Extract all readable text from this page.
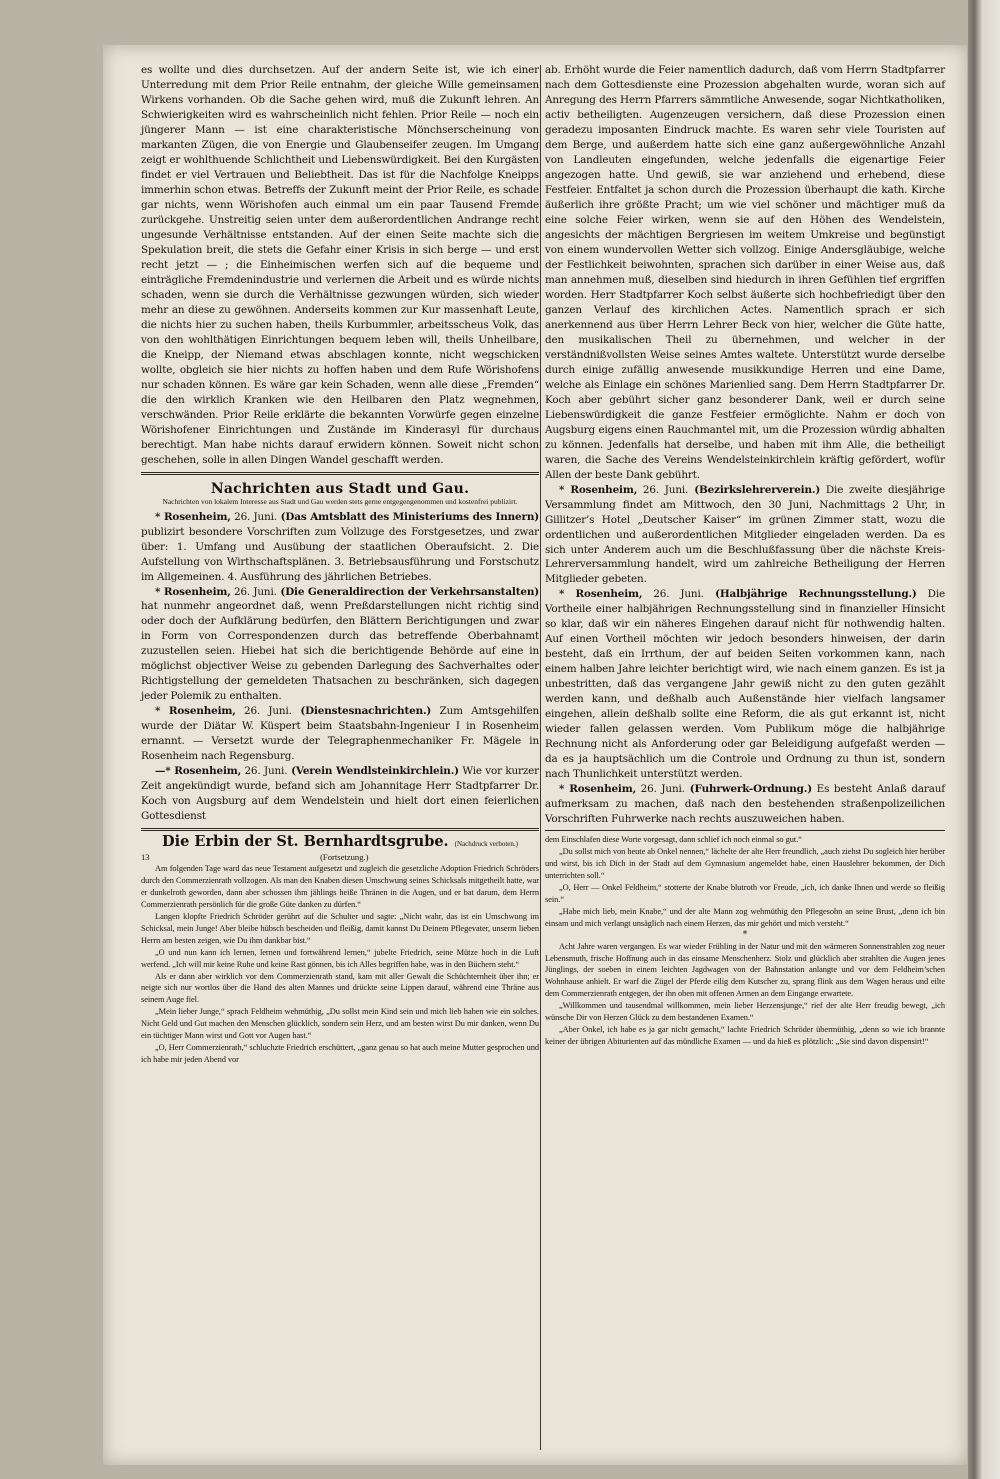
es wollte und dies durchsetzen. Auf der andern Seite ist, wie ich einer Unterredung mit dem Prior Reile entnahm, der gleiche Wille gemeinsamen Wirkens vorhanden. Ob die Sache gehen wird, muß die Zukunft lehren. An Schwierigkeiten wird es wahrscheinlich nicht fehlen. Prior Reile — noch ein jüngerer Mann — ist eine charakteristische Mönchserscheinung von markanten Zügen, die von Energie und Glaubenseifer zeugen. Im Umgang zeigt er wohlthuende Schlichtheit und Liebenswürdigkeit. Bei den Kurgästen findet er viel Vertrauen und Beliebtheit. Das ist für die Nachfolge Kneipps immerhin schon etwas. Betreffs der Zukunft meint der Prior Reile, es schade gar nichts, wenn Wörishofen auch einmal um ein paar Tausend Fremde zurückgehe. Unstreitig seien unter dem außerordentlichen Andrange recht ungesunde Verhältnisse entstanden. Auf der einen Seite machte sich die Spekulation breit, die stets die Gefahr einer Krisis in sich berge — und erst recht jetzt — ; die Einheimischen werfen sich auf die bequeme und einträgliche Fremdenindustrie und verlernen die Arbeit und es würde nichts schaden, wenn sie durch die Verhältnisse gezwungen würden, sich wieder mehr an diese zu gewöhnen. Anderseits kommen zur Kur massenhaft Leute, die nichts hier zu suchen haben, theils Kurbummler, arbeitsscheus Volk, das von den wohlthätigen Einrichtungen bequem leben will, theils Unheilbare, die Kneipp, der Niemand etwas abschlagen konnte, nicht wegschicken wollte, obgleich sie hier nichts zu hoffen haben und dem Rufe Wörishofens nur schaden können. Es wäre gar kein Schaden, wenn alle diese „Fremden“ die den wirklich Kranken wie den Heilbaren den Platz wegnehmen, verschwänden. Prior Reile erklärte die bekannten Vorwürfe gegen einzelne Wörishofener Einrichtungen und Zustände im Kinderasyl für durchaus berechtigt. Man habe nichts darauf erwidern können. Soweit nicht schon geschehen, solle in allen Dingen Wandel geschafft werden.

Nachrichten aus Stadt und Gau.
Nachrichten von lokalem Interesse aus Stadt und Gau werden stets gerne entgegengenommen und kostenfrei publizirt.

* Rosenheim, 26. Juni. (Das Amtsblatt des Ministeriums des Innern) publizirt besondere Vorschriften zum Vollzuge des Forstgesetzes, und zwar über: 1. Umfang und Ausübung der staatlichen Oberaufsicht. 2. Die Aufstellung von Wirthschaftsplänen. 3. Betriebsausführung und Forstschutz im Allgemeinen. 4. Ausführung des jährlichen Betriebes.

* Rosenheim, 26. Juni. (Die Generaldirection der Verkehrsanstalten) hat nunmehr angeordnet daß, wenn Preßdarstellungen nicht richtig sind oder doch der Aufklärung bedürfen, den Blättern Berichtigungen und zwar in Form von Correspondenzen durch das betreffende Oberbahnamt zuzustellen seien. Hiebei hat sich die berichtigende Behörde auf eine in möglichst objectiver Weise zu gebenden Darlegung des Sachverhaltes oder Richtigstellung der gemeldeten Thatsachen zu beschränken, sich dagegen jeder Polemik zu enthalten.

* Rosenheim, 26. Juni. (Dienstesnachrichten.) Zum Amtsgehilfen wurde der Diätar W. Küspert beim Staatsbahn-Ingenieur I in Rosenheim ernannt. — Versetzt wurde der Telegraphenmechaniker Fr. Mägele in Rosenheim nach Regensburg.

—* Rosenheim, 26. Juni. (Verein Wendlsteinkirchlein.) Wie vor kurzer Zeit angekündigt wurde, befand sich am Johannitage Herr Stadtpfarrer Dr. Koch von Augsburg auf dem Wendelstein und hielt dort einen feierlichen Gottesdienst

Die Erbin der St. Bernhardtsgrube. (Nachdruck verboten.)
13	(Fortsetzung.)

Am folgenden Tage ward das neue Testament aufgesetzt und zugleich die gesetzliche Adoption Friedrich Schröders durch den Commerzienrath vollzogen. Als man den Knaben diesen Umschwung seines Schicksals mitgetheilt hatte, war er dunkelroth geworden, dann aber schossen ihm jählings heiße Thränen in die Augen, und er bat darum, dem Herrn Commerzienrath persönlich für die große Güte danken zu dürfen.“

Langen klopfte Friedrich Schröder gerührt auf die Schulter und sagte: „Nicht wahr, das ist ein Umschwung im Schicksal, mein Junge! Aber bleibe hübsch bescheiden und fleißig, damit kannst Du Deinem Pflegevater, unserm lieben Herrn am besten zeigen, wie Du ihm dankbar bist.“

„O und nun kann ich lernen, lernen und fortwährend lernen,“ jubelte Friedrich, seine Mütze hoch in die Luft werfend. „Ich will mir keine Ruhe und keine Rast gönnen, bis ich Alles begriffen habe, was in den Büchern steht.“

Als er dann aber wirklich vor dem Commerzienrath stand, kam mit aller Gewalt die Schüchternheit über ihn; er neigte sich nur wortlos über die Hand des alten Mannes und drückte seine Lippen darauf, während eine Thräne aus seinem Auge fiel.

„Mein lieber Junge,“ sprach Feldheim wehmüthig, „Du sollst mein Kind sein und mich lieb haben wie ein solches. Nicht Geld und Gut machen den Menschen glücklich, sondern sein Herz, und am besten wirst Du mir danken, wenn Du ein tüchtiger Mann wirst und Gott vor Augen hast.“

„O, Herr Commerzienrath,“ schluchzte Friedrich erschüttert, „ganz genau so hat auch meine Mutter gesprochen und ich habe mir jeden Abend vor

ab. Erhöht wurde die Feier namentlich dadurch, daß vom Herrn Stadtpfarrer nach dem Gottesdienste eine Prozession abgehalten wurde, woran sich auf Anregung des Herrn Pfarrers sämmtliche Anwesende, sogar Nichtkatholiken, activ betheiligten. Augenzeugen versichern, daß diese Prozession einen geradezu imposanten Eindruck machte. Es waren sehr viele Touristen auf dem Berge, und außerdem hatte sich eine ganz außergewöhnliche Anzahl von Landleuten eingefunden, welche jedenfalls die eigenartige Feier angezogen hatte. Und gewiß, sie war anziehend und erhebend, diese Festfeier. Entfaltet ja schon durch die Prozession überhaupt die kath. Kirche äußerlich ihre größte Pracht; um wie viel schöner und mächtiger muß da eine solche Feier wirken, wenn sie auf den Höhen des Wendelstein, angesichts der mächtigen Bergriesen im weitem Umkreise und begünstigt von einem wundervollen Wetter sich vollzog. Einige Andersgläubige, welche der Festlichkeit beiwohnten, sprachen sich darüber in einer Weise aus, daß man annehmen muß, dieselben sind hiedurch in ihren Gefühlen tief ergriffen worden. Herr Stadtpfarrer Koch selbst äußerte sich hochbefriedigt über den ganzen Verlauf des kirchlichen Actes. Namentlich sprach er sich anerkennend aus über Herrn Lehrer Beck von hier, welcher die Güte hatte, den musikalischen Theil zu übernehmen, und welcher in der verständnißvollsten Weise seines Amtes waltete. Unterstützt wurde derselbe durch einige zufällig anwesende musikkundige Herren und eine Dame, welche als Einlage ein schönes Marienlied sang. Dem Herrn Stadtpfarrer Dr. Koch aber gebührt sicher ganz besonderer Dank, weil er durch seine Liebenswürdigkeit die ganze Festfeier ermöglichte. Nahm er doch von Augsburg eigens einen Rauchmantel mit, um die Prozession würdig abhalten zu können. Jedenfalls hat derselbe, und haben mit ihm Alle, die betheiligt waren, die Sache des Vereins Wendelsteinkirchlein kräftig gefördert, wofür Allen der beste Dank gebührt.

* Rosenheim, 26. Juni. (Bezirkslehrerverein.) Die zweite diesjährige Versammlung findet am Mittwoch, den 30 Juni, Nachmittags 2 Uhr, in Gillitzer’s Hotel „Deutscher Kaiser“ im grünen Zimmer statt, wozu die ordentlichen und außerordentlichen Mitglieder eingeladen werden. Da es sich unter Anderem auch um die Beschlußfassung über die nächste Kreis-Lehrerversammlung handelt, wird um zahlreiche Betheiligung der Herren Mitglieder gebeten.

* Rosenheim, 26. Juni. (Halbjährige Rechnungsstellung.) Die Vortheile einer halbjährigen Rechnungsstellung sind in finanzieller Hinsicht so klar, daß wir ein näheres Eingehen darauf nicht für nothwendig halten. Auf einen Vortheil möchten wir jedoch besonders hinweisen, der darin besteht, daß ein Irrthum, der auf beiden Seiten vorkommen kann, nach einem halben Jahre leichter berichtigt wird, wie nach einem ganzen. Es ist ja unbestritten, daß das vergangene Jahr gewiß nicht zu den guten gezählt werden kann, und deßhalb auch Außenstände hier vielfach langsamer eingehen, allein deßhalb sollte eine Reform, die als gut erkannt ist, nicht wieder fallen gelassen werden. Vom Publikum möge die halbjährige Rechnung nicht als Anforderung oder gar Beleidigung aufgefaßt werden — da es ja hauptsächlich um die Controle und Ordnung zu thun ist, sondern nach Thunlichkeit unterstützt werden.

* Rosenheim, 26. Juni. (Fuhrwerk-Ordnung.) Es besteht Anlaß darauf aufmerksam zu machen, daß nach den bestehenden straßenpolizeilichen Vorschriften Fuhrwerke nach rechts auszuweichen haben.

dem Einschlafen diese Worte vorgesagt, dann schlief ich noch einmal so gut.“

„Du sollst mich von heute ab Onkel nennen,“ lächelte der alte Herr freundlich, „auch ziehst Du sogleich hier herüber und wirst, bis ich Dich in der Stadt auf dem Gymnasium angemeldet habe, einen Hauslehrer bekommen, der Dich unterrichten soll.“

„O, Herr — Onkel Feldheim,“ stotterte der Knabe blutroth vor Freude, „ich, ich danke Ihnen und werde so fleißig sein.“

„Habe mich lieb, mein Knabe,“ und der alte Mann zog wehmüthig den Pflegesohn an seine Brust, „denn ich bin einsam und mich verlangt unsäglich nach einem Herzen, das mir gehört und mich versteht.“

*

Acht Jahre waren vergangen. Es war wieder Frühling in der Natur und mit den wärmeren Sonnenstrahlen zog neuer Lebensmuth, frische Hoffnung auch in das einsame Menschenherz. Stolz und glücklich aber strahlten die Augen jenes Jünglings, der soeben in einem leichten Jagdwagen von der Bahnstation anlangte und vor dem Feldheim’schen Wohnhause anhielt. Er warf die Zügel der Pferde eilig dem Kutscher zu, sprang flink aus dem Wagen heraus und eilte dem Commerzienrath entgegen, der ihn oben mit offenen Armen an dem Eingange erwartete.

„Willkommen und tausendmal willkommen, mein lieber Herzensjunge,“ rief der alte Herr freudig bewegt, „ich wünsche Dir von Herzen Glück zu dem bestandenen Examen.“

„Aber Onkel, ich habe es ja gar nicht gemacht,“ lachte Friedrich Schröder übermüthig, „denn so wie ich brannte keiner der übrigen Abiturienten auf das mündliche Examen — und da hieß es plötzlich: „Sie sind davon dispensirt!“
